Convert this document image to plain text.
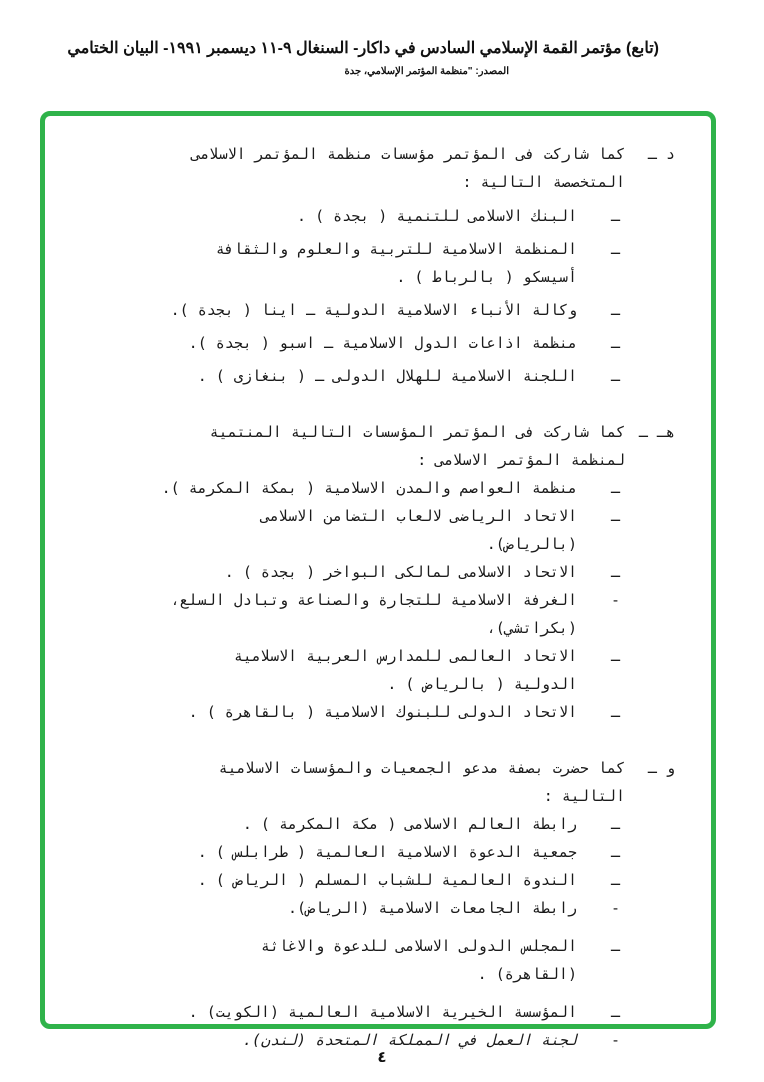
(تابع) مؤتمر القمة الإسلامي السادس في داكار- السنغال ٩-١١ ديسمبر ١٩٩١- البيان الختامي
المصدر: "منظمة المؤتمر الإسلامي، جدة
د ـ
كما شاركت فى المؤتمر مؤسسات منظمة المؤتمر الاسلامى
المتخصصة التالية :
ـ
البنك الاسلامى للتنمية ( بجدة ) .
ـ
المنظمة الاسلامية للتربية والعلوم والثقافة
أسيسكو ( بالرباط ) .
ـ
وكالة الأنباء الاسلامية الدولية ـ اينا ( بجدة ).
ـ
منظمة اذاعات الدول الاسلامية ـ اسبو ( بجدة ).
ـ
اللجنة الاسلامية للهلال الدولى ـ ( بنغازى ) .
هـ ـ
كما شاركت فى المؤتمر المؤسسات التالية المنتمية
لمنظمة المؤتمر الاسلامى :
ـ
منظمة العواصم والمدن الاسلامية ( بمكة المكرمة ).
ـ
الاتحاد الرياضى لالعاب التضامن الاسلامى
(بالرياض).
ـ
الاتحاد الاسلامى لمالكى البواخر ( بجدة ) .
-
الغرفة الاسلامية للتجارة والصناعة وتبادل السلع،
(بكراتشي)،
ـ
الاتحاد العالمى للمدارس العربية الاسلامية
الدولية ( بالرياض ) .
ـ
الاتحاد الدولى للبنوك الاسلامية ( بالقاهرة ) .
و ـ
كما حضرت بصفة مدعو الجمعيات والمؤسسات الاسلامية
التالية :
ـ
رابطة العالم الاسلامى ( مكة المكرمة ) .
ـ
جمعية الدعوة الاسلامية العالمية ( طرابلس ) .
ـ
الندوة العالمية للشباب المسلم ( الرياض ) .
-
رابطة الجامعات الاسلامية (الرياض).
ـ
المجلس الدولى الاسلامى للدعوة والاغاثة
(القاهرة) .
ـ
المؤسسة الخيرية الاسلامية العالمية (الكويت) .
-
لجنة العمل في المملكة المتحدة (لندن).
٤
